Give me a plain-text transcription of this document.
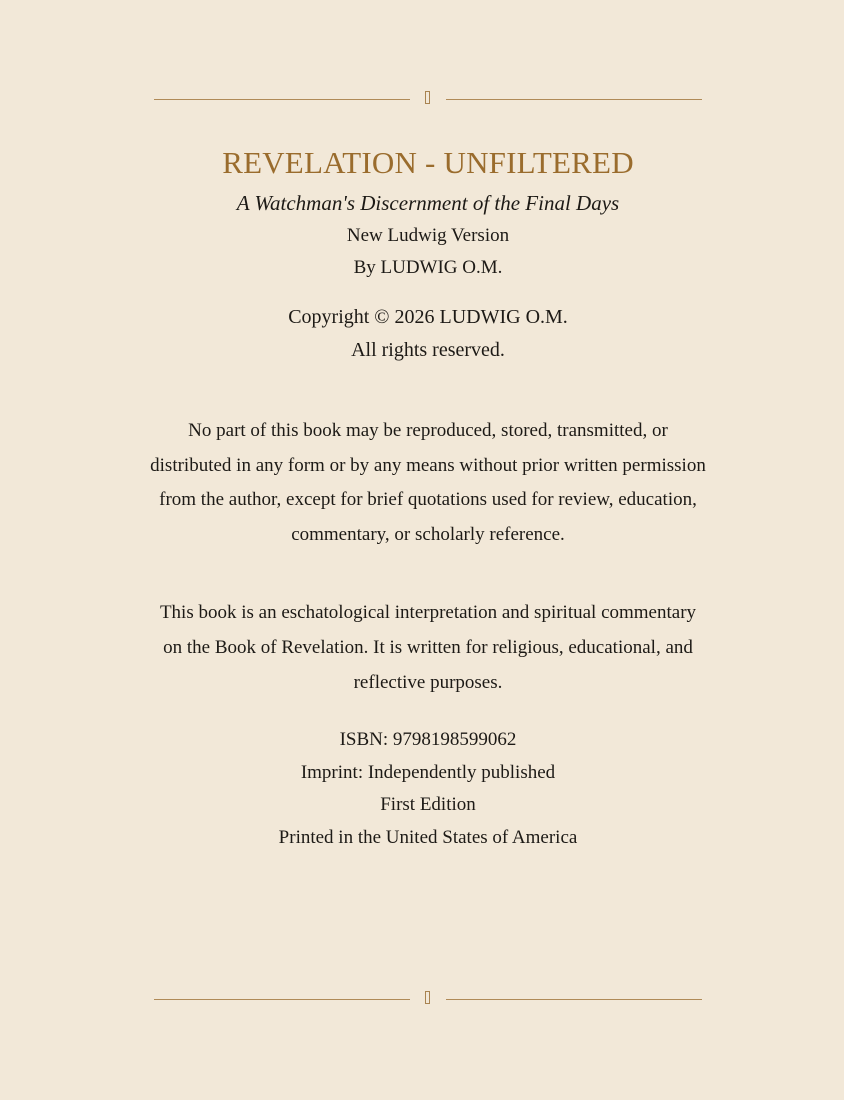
REVELATION - UNFILTERED
A Watchman's Discernment of the Final Days
New Ludwig Version
By LUDWIG O.M.
Copyright © 2026 LUDWIG O.M.
All rights reserved.

No part of this book may be reproduced, stored, transmitted, or distributed in any form or by any means without prior written permission from the author, except for brief quotations used for review, education, commentary, or scholarly reference.

This book is an eschatological interpretation and spiritual commentary on the Book of Revelation. It is written for religious, educational, and reflective purposes.

ISBN: 9798198599062
Imprint: Independently published
First Edition
Printed in the United States of America
